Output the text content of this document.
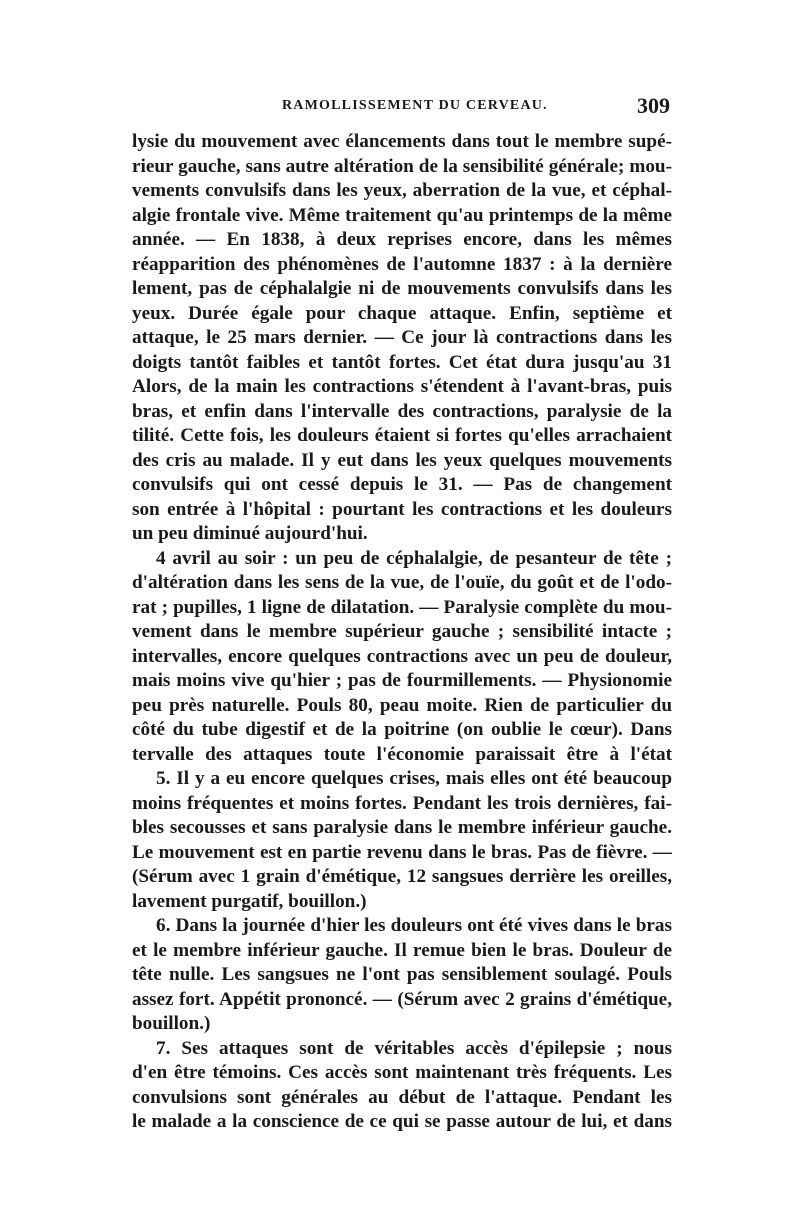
RAMOLLISSEMENT DU CERVEAU.	309
lysie du mouvement avec élancements dans tout le membre supé-
rieur gauche, sans autre altération de la sensibilité générale; mou-
vements convulsifs dans les yeux, aberration de la vue, et céphal-
algie frontale vive. Même traitement qu'au printemps de la même
année. — En 1838, à deux reprises encore, dans les mêmes
réapparition des phénomènes de l'automne 1837 : à la dernière
lement, pas de céphalalgie ni de mouvements convulsifs dans les
yeux. Durée égale pour chaque attaque. Enfin, septième et
attaque, le 25 mars dernier. — Ce jour là contractions dans les
doigts tantôt faibles et tantôt fortes. Cet état dura jusqu'au 31
Alors, de la main les contractions s'étendent à l'avant-bras, puis
bras, et enfin dans l'intervalle des contractions, paralysie de la
tilité. Cette fois, les douleurs étaient si fortes qu'elles arrachaient
des cris au malade. Il y eut dans les yeux quelques mouvements
convulsifs qui ont cessé depuis le 31. — Pas de changement
son entrée à l'hôpital : pourtant les contractions et les douleurs
un peu diminué aujourd'hui.
4 avril au soir : un peu de céphalalgie, de pesanteur de tête ;
d'altération dans les sens de la vue, de l'ouïe, du goût et de l'odo-
rat ; pupilles, 1 ligne de dilatation. — Paralysie complète du mou-
vement dans le membre supérieur gauche ; sensibilité intacte ;
intervalles, encore quelques contractions avec un peu de douleur,
mais moins vive qu'hier ; pas de fourmillements. — Physionomie
peu près naturelle. Pouls 80, peau moite. Rien de particulier du
côté du tube digestif et de la poitrine (on oublie le cœur). Dans
tervalle des attaques toute l'économie paraissait être à l'état
5. Il y a eu encore quelques crises, mais elles ont été beaucoup
moins fréquentes et moins fortes. Pendant les trois dernières, fai-
bles secousses et sans paralysie dans le membre inférieur gauche.
Le mouvement est en partie revenu dans le bras. Pas de fièvre. —
(Sérum avec 1 grain d'émétique, 12 sangsues derrière les oreilles,
lavement purgatif, bouillon.)
6. Dans la journée d'hier les douleurs ont été vives dans le bras
et le membre inférieur gauche. Il remue bien le bras. Douleur de
tête nulle. Les sangsues ne l'ont pas sensiblement soulagé. Pouls
assez fort. Appétit prononcé. — (Sérum avec 2 grains d'émétique,
bouillon.)
7. Ses attaques sont de véritables accès d'épilepsie ; nous
d'en être témoins. Ces accès sont maintenant très fréquents. Les
convulsions sont générales au début de l'attaque. Pendant les
le malade a la conscience de ce qui se passe autour de lui, et dans
